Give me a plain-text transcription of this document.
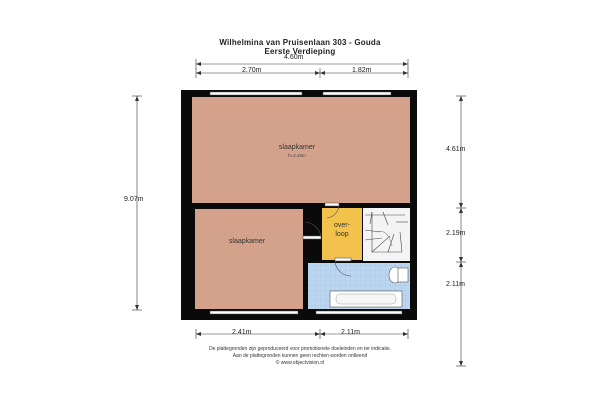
Wilhelmina van Pruisenlaan 303 - Gouda
Eerste Verdieping
4.60m
2.70m	1.82m
9.07m
4.61m
2.19m
2.11m
2.41m	2.11m
slaapkamer
h=2.48m
slaapkamer
over-
loop
De plattegronden zijn geproduceerd voor promotionele doeleinden en ter indicatie.
Aan de plattegronden kunnen geen rechten worden ontleend
© www.objectvision.nl
